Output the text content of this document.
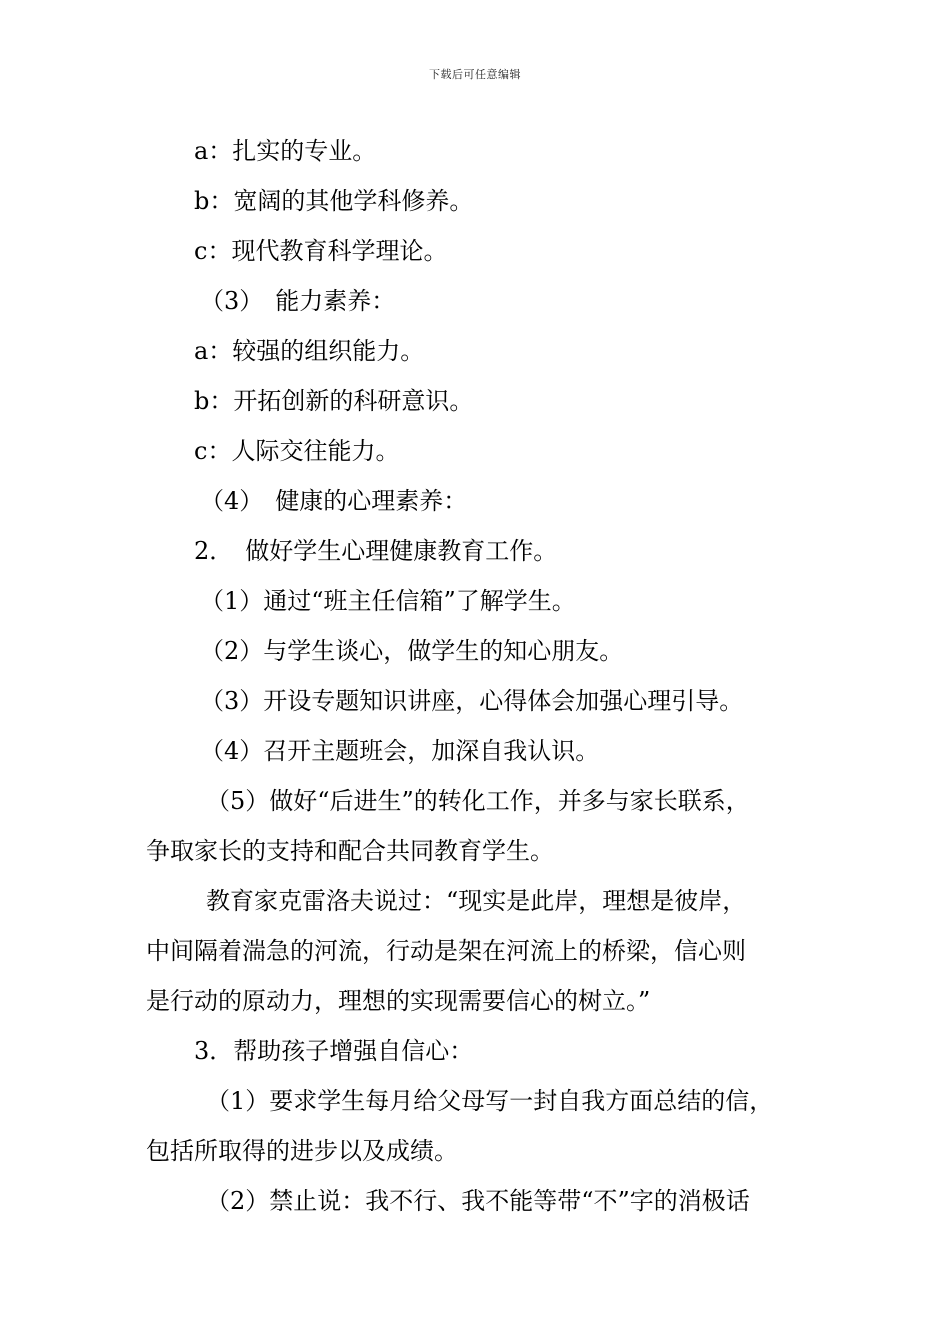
下载后可任意编辑
a：扎实的专业。
b：宽阔的其他学科修养。
c：现代教育科学理论。
（3）　能力素养：
a：较强的组织能力。
b：开拓创新的科研意识。
c：人际交往能力。
（4）　健康的心理素养：
2．　做好学生心理健康教育工作。
（1）通过“班主任信箱”了解学生。
（2）与学生谈心，做学生的知心朋友。
（3）开设专题知识讲座，心得体会加强心理引导。
（4）召开主题班会，加深自我认识。
（5）做好“后进生”的转化工作，并多与家长联系，
争取家长的支持和配合共同教育学生。
教育家克雷洛夫说过：“现实是此岸，理想是彼岸，
中间隔着湍急的河流，行动是架在河流上的桥梁，信心则
是行动的原动力，理想的实现需要信心的树立。”
3．帮助孩子增强自信心：
（1）要求学生每月给父母写一封自我方面总结的信，
包括所取得的进步以及成绩。
（2）禁止说：我不行、我不能等带“不”字的消极话
